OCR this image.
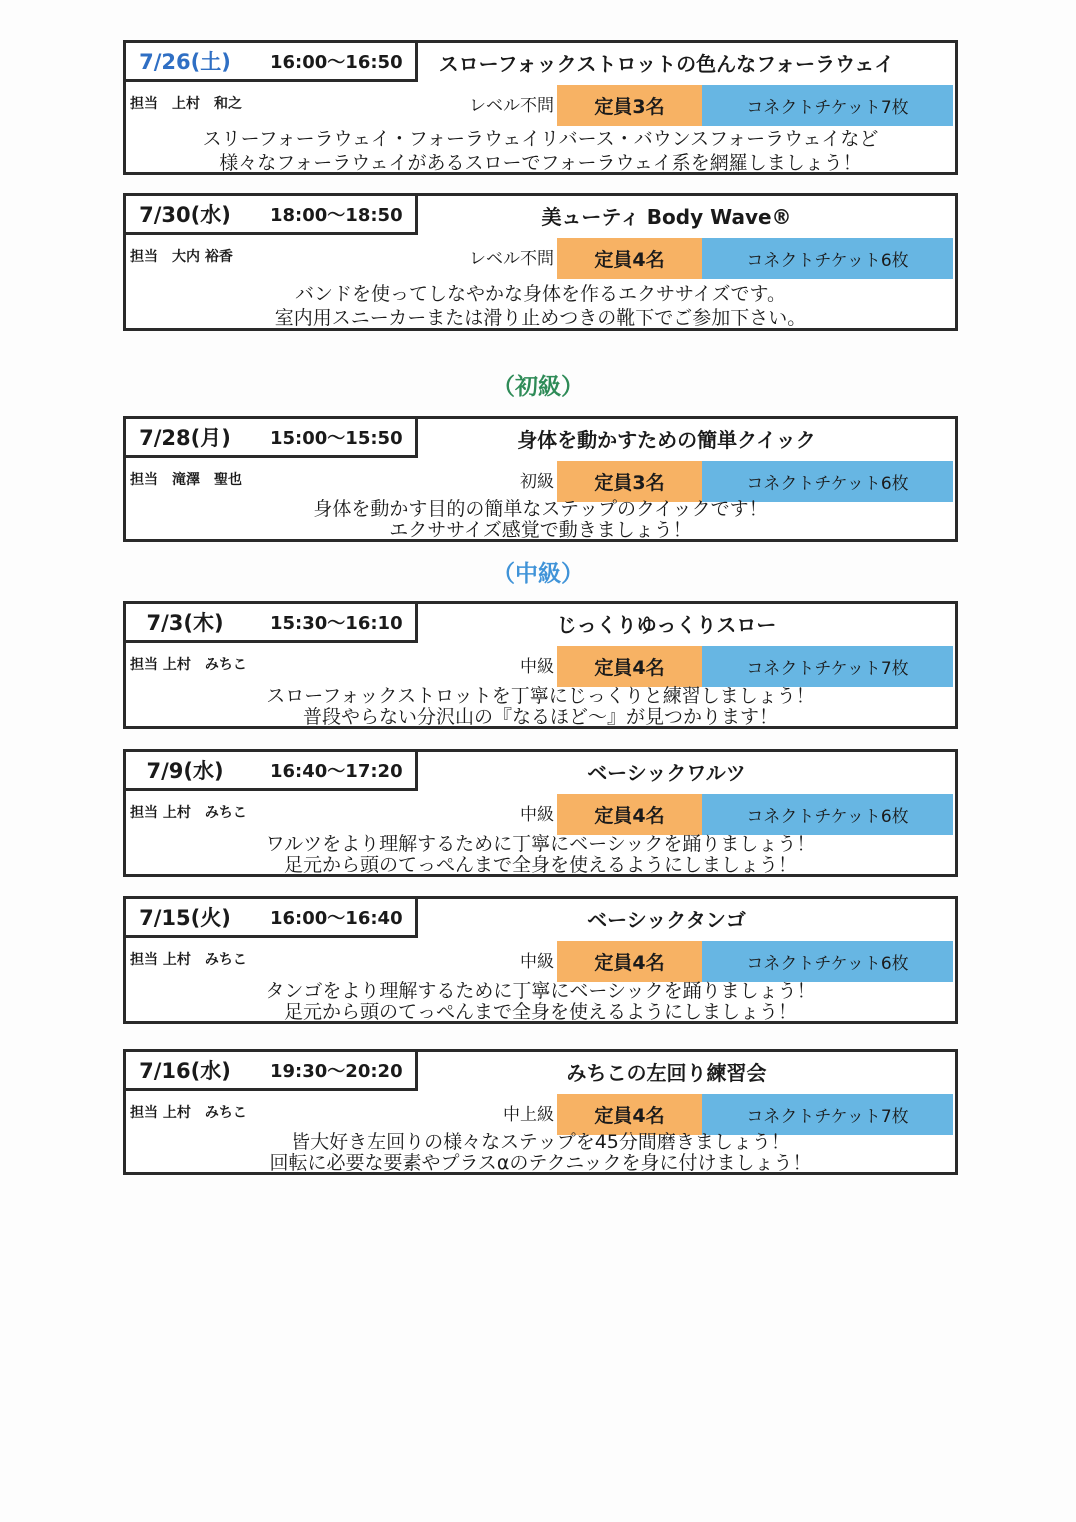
7/26(土)	16:00～16:50	スローフォックストロットの色んなフォーラウェイ
担当　上村　和之	レベル不問	定員3名	コネクトチケット7枚
スリーフォーラウェイ・フォーラウェイリバース・バウンスフォーラウェイなど
様々なフォーラウェイがあるスローでフォーラウェイ系を網羅しましょう！
7/30(水)	18:00～18:50	美ューティ Body Wave®
担当　大内 裕香	レベル不問	定員4名	コネクトチケット6枚
バンドを使ってしなやかな身体を作るエクササイズです。
室内用スニーカーまたは滑り止めつきの靴下でご参加下さい。
（初級）
7/28(月)	15:00～15:50	身体を動かすための簡単クイック
担当　滝澤　聖也	初級	定員3名	コネクトチケット6枚
身体を動かす目的の簡単なステップのクイックです！
エクササイズ感覚で動きましょう！
（中級）
7/3(木)	15:30～16:10	じっくりゆっくりスロー
担当 上村　みちこ	中級	定員4名	コネクトチケット7枚
スローフォックストロットを丁寧にじっくりと練習しましょう！
普段やらない分沢山の『なるほど～』が見つかります！
7/9(水)	16:40～17:20	ベーシックワルツ
担当 上村　みちこ	中級	定員4名	コネクトチケット6枚
ワルツをより理解するために丁寧にベーシックを踊りましょう！
足元から頭のてっぺんまで全身を使えるようにしましょう！
7/15(火)	16:00～16:40	ベーシックタンゴ
担当 上村　みちこ	中級	定員4名	コネクトチケット6枚
タンゴをより理解するために丁寧にベーシックを踊りましょう！
足元から頭のてっぺんまで全身を使えるようにしましょう！
7/16(水)	19:30～20:20	みちこの左回り練習会
担当 上村　みちこ	中上級	定員4名	コネクトチケット7枚
皆大好き左回りの様々なステップを45分間磨きましょう！
回転に必要な要素やプラスαのテクニックを身に付けましょう！
